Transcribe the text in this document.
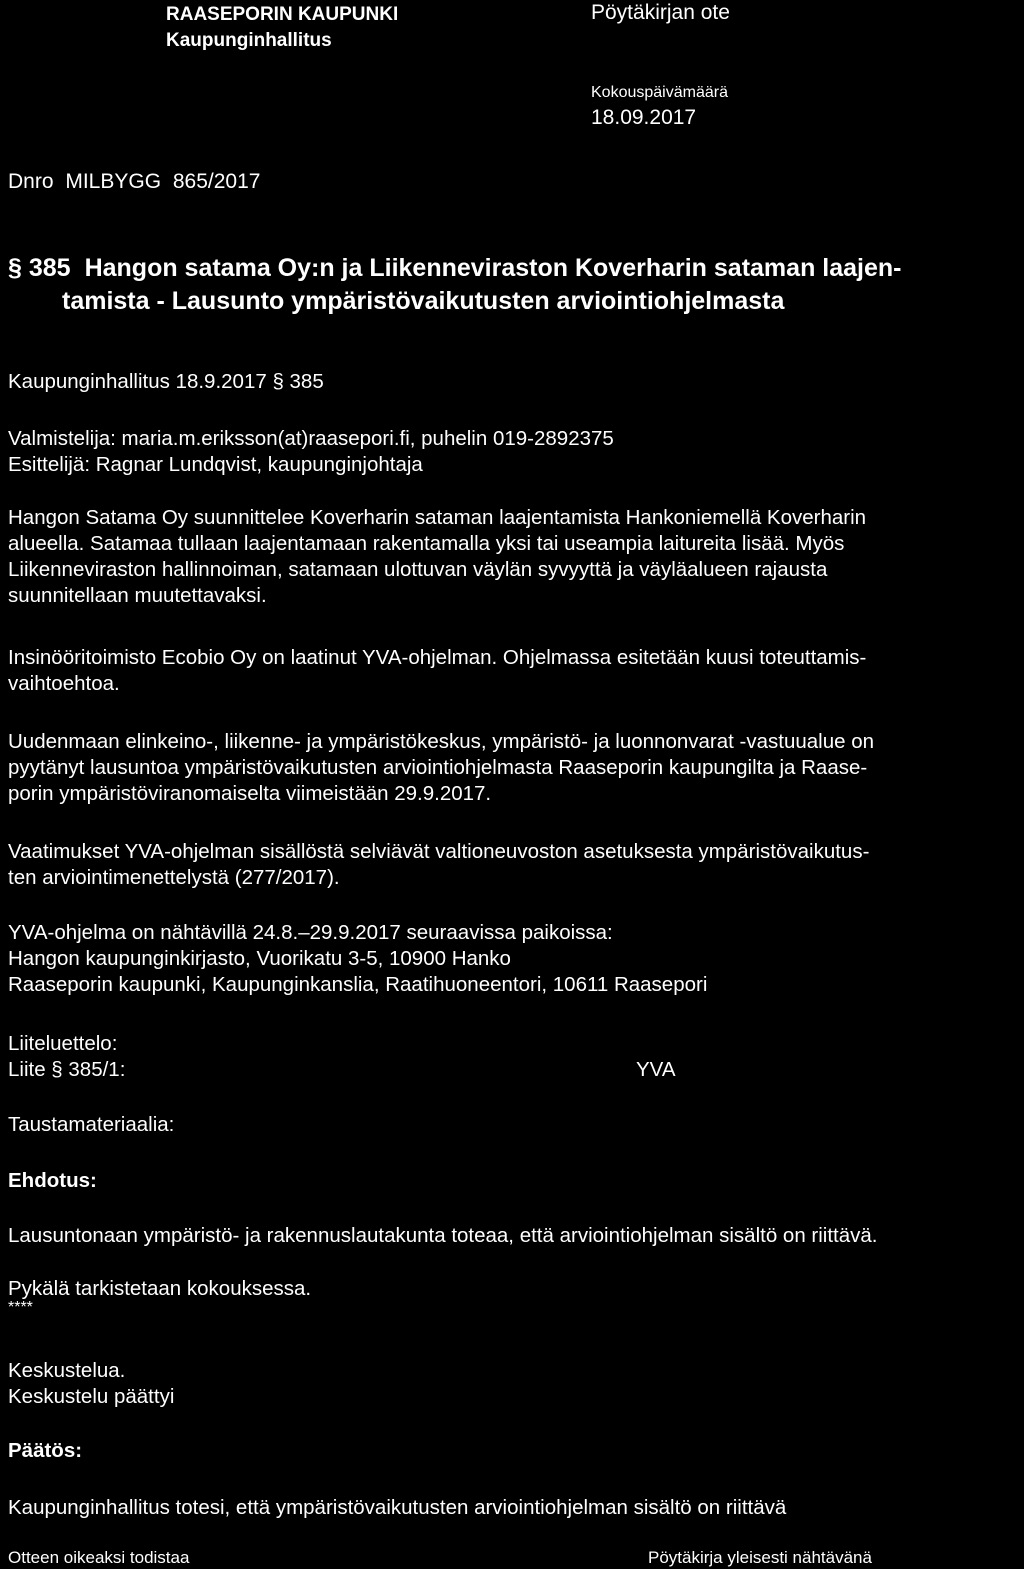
RAASEPORIN KAUPUNKI
Kaupunginhallitus
Pöytäkirjan ote
Kokouspäivämäärä
18.09.2017
Dnro MILBYGG 865/2017
§ 385 Hangon satama Oy:n ja Liikenneviraston Koverharin sataman laajen-
tamista - Lausunto ympäristövaikutusten arviointiohjelmasta
Kaupunginhallitus 18.9.2017 § 385
Valmistelija: maria.m.eriksson(at)raasepori.fi, puhelin 019-2892375
Esittelijä: Ragnar Lundqvist, kaupunginjohtaja
Hangon Satama Oy suunnittelee Koverharin sataman laajentamista Hankoniemellä Koverharin
alueella. Satamaa tullaan laajentamaan rakentamalla yksi tai useampia laitureita lisää. Myös
Liikenneviraston hallinnoiman, satamaan ulottuvan väylän syvyyttä ja väyläalueen rajausta
suunnitellaan muutettavaksi.
Insinööritoimisto Ecobio Oy on laatinut YVA-ohjelman. Ohjelmassa esitetään kuusi toteuttamis-
vaihtoehtoa.
Uudenmaan elinkeino-, liikenne- ja ympäristökeskus, ympäristö- ja luonnonvarat -vastuualue on
pyytänyt lausuntoa ympäristövaikutusten arviointiohjelmasta Raaseporin kaupungilta ja Raase-
porin ympäristöviranomaiselta viimeistään 29.9.2017.
Vaatimukset YVA-ohjelman sisällöstä selviävät valtioneuvoston asetuksesta ympäristövaikutus-
ten arviointimenettelystä (277/2017).
YVA-ohjelma on nähtävillä 24.8.–29.9.2017 seuraavissa paikoissa:
Hangon kaupunginkirjasto, Vuorikatu 3-5, 10900 Hanko
Raaseporin kaupunki, Kaupunginkanslia, Raatihuoneentori, 10611 Raasepori
Liiteluettelo:
Liite § 385/1:	YVA
Taustamateriaalia:
Ehdotus:
Lausuntonaan ympäristö- ja rakennuslautakunta toteaa, että arviointiohjelman sisältö on riittävä.
Pykälä tarkistetaan kokouksessa.
****
Keskustelua.
Keskustelu päättyi
Päätös:
Kaupunginhallitus totesi, että ympäristövaikutusten arviointiohjelman sisältö on riittävä
Otteen oikeaksi todistaa	Pöytäkirja yleisesti nähtävänä
